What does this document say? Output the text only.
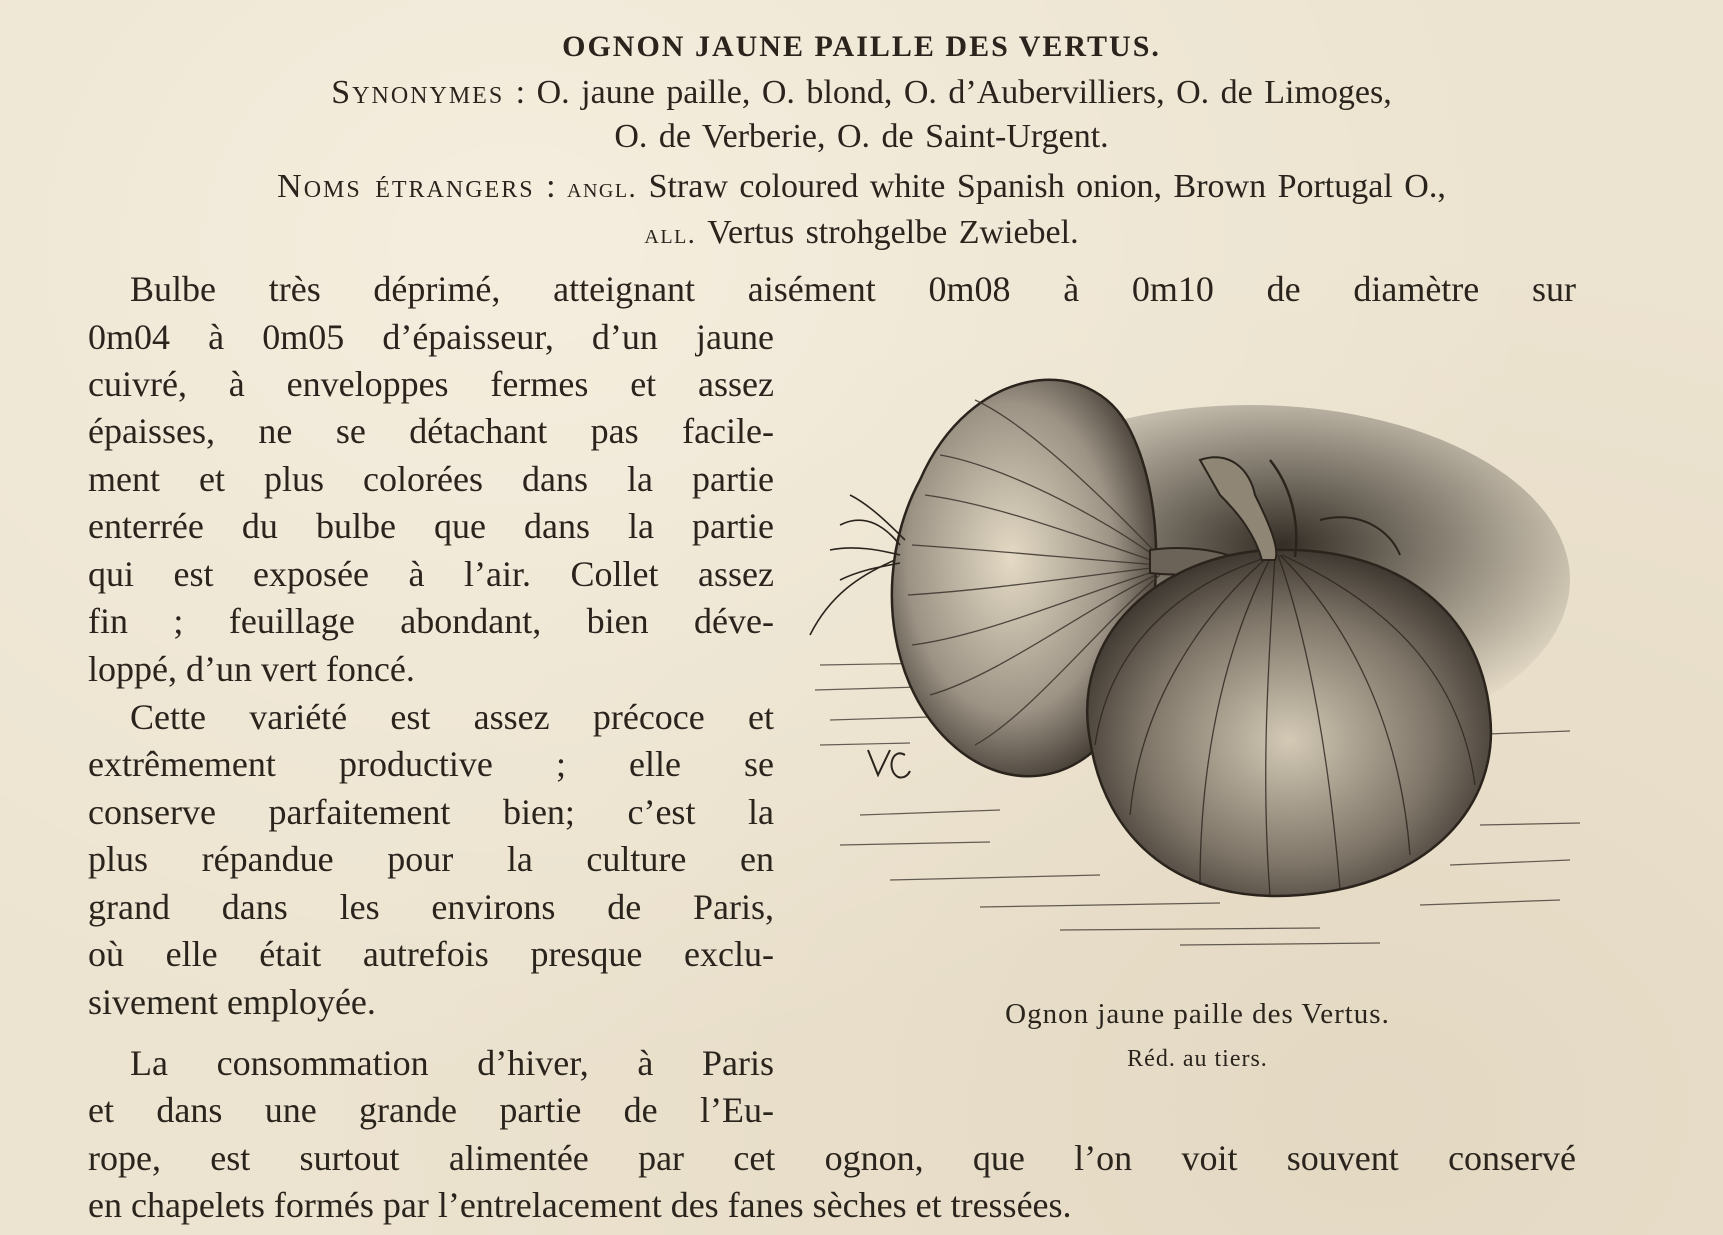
OGNON JAUNE PAILLE DES VERTUS.
Synonymes : O. jaune paille, O. blond, O. d’Aubervilliers, O. de Limoges,
O. de Verberie, O. de Saint-Urgent.
Noms étrangers : angl. Straw coloured white Spanish onion, Brown Portugal O.,
all. Vertus strohgelbe Zwiebel.
Bulbe très déprimé, atteignant aisément 0m08 à 0m10 de diamètre sur
0m04 à 0m05 d’épaisseur, d’un jaune
cuivré, à enveloppes fermes et assez
épaisses, ne se détachant pas facile-
ment et plus colorées dans la partie
enterrée du bulbe que dans la partie
qui est exposée à l’air. Collet assez
fin ; feuillage abondant, bien déve-
loppé, d’un vert foncé.
Cette variété est assez précoce et
extrêmement productive ; elle se
conserve parfaitement bien; c’est la
plus répandue pour la culture en
grand dans les environs de Paris,
où elle était autrefois presque exclu-
sivement employée.
La consommation d’hiver, à Paris
et dans une grande partie de l’Eu-
rope, est surtout alimentée par cet ognon, que l’on voit souvent conservé
en chapelets formés par l’entrelacement des fanes sèches et tressées.
Ognon jaune paille des Vertus.
Réd. au tiers.
